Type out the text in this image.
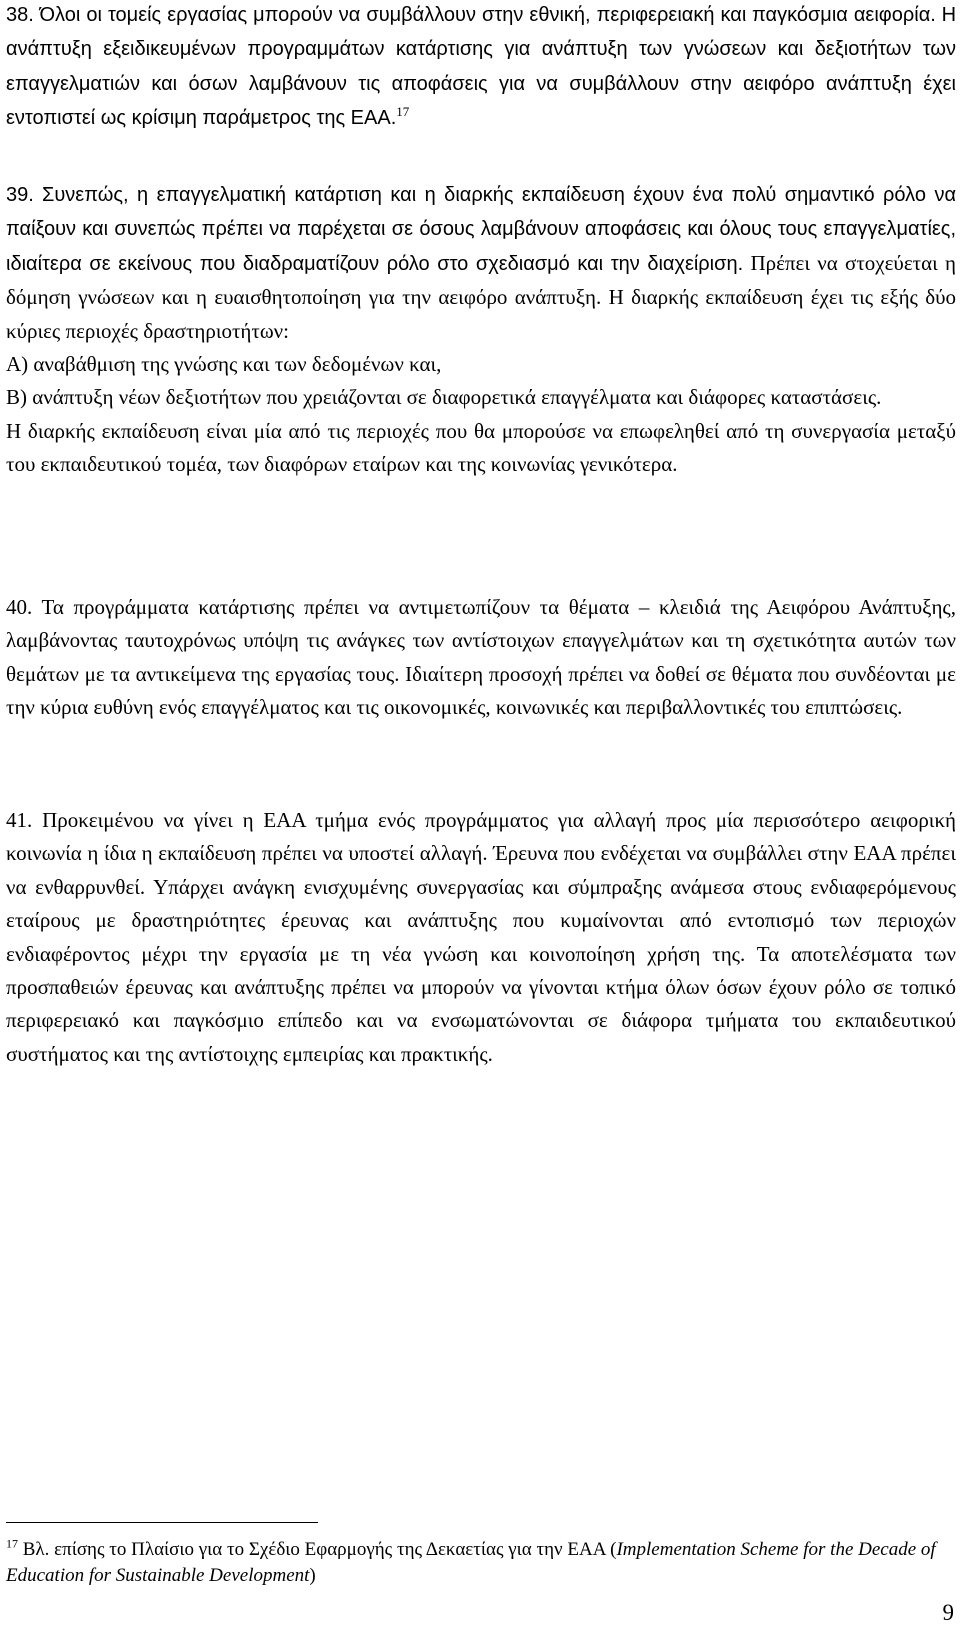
38. Όλοι οι τομείς εργασίας μπορούν να συμβάλλουν στην εθνική, περιφερειακή και παγκόσμια αειφορία. Η ανάπτυξη εξειδικευμένων προγραμμάτων κατάρτισης για ανάπτυξη των γνώσεων και δεξιοτήτων των επαγγελματιών και όσων λαμβάνουν τις αποφάσεις για να συμβάλλουν στην αειφόρο ανάπτυξη έχει εντοπιστεί ως κρίσιμη παράμετρος της ΕΑΑ.$^{17}$

39. Συνεπώς, η επαγγελματική κατάρτιση και η διαρκής εκπαίδευση έχουν ένα πολύ σημαντικό ρόλο να παίξουν και συνεπώς πρέπει να παρέχεται σε όσους λαμβάνουν αποφάσεις και όλους τους επαγγελματίες, ιδιαίτερα σε εκείνους που διαδραματίζουν ρόλο στο σχεδιασμό και την διαχείριση. Πρέπει να στοχεύεται η δόμηση γνώσεων και η ευαισθητοποίηση για την αειφόρο ανάπτυξη. Η διαρκής εκπαίδευση έχει τις εξής δύο κύριες περιοχές δραστηριοτήτων:
Α) αναβάθμιση της γνώσης και των δεδομένων και,
Β) ανάπτυξη νέων δεξιοτήτων που χρειάζονται σε διαφορετικά επαγγέλματα και διάφορες καταστάσεις.
Η διαρκής εκπαίδευση είναι μία από τις περιοχές που θα μπορούσε να επωφεληθεί από τη συνεργασία μεταξύ του εκπαιδευτικού τομέα, των διαφόρων εταίρων και της κοινωνίας γενικότερα.

40. Τα προγράμματα κατάρτισης πρέπει να αντιμετωπίζουν τα θέματα – κλειδιά της Αειφόρου Ανάπτυξης, λαμβάνοντας ταυτοχρόνως υπόψη τις ανάγκες των αντίστοιχων επαγγελμάτων και τη σχετικότητα αυτών των θεμάτων με τα αντικείμενα της εργασίας τους. Ιδιαίτερη προσοχή πρέπει να δοθεί σε θέματα που συνδέονται με την κύρια ευθύνη ενός επαγγέλματος και τις οικονομικές, κοινωνικές και περιβαλλοντικές του επιπτώσεις.

41. Προκειμένου να γίνει η ΕΑΑ τμήμα ενός προγράμματος για αλλαγή προς μία περισσότερο αειφορική κοινωνία η ίδια η εκπαίδευση πρέπει να υποστεί αλλαγή. Έρευνα που ενδέχεται να συμβάλλει στην ΕΑΑ πρέπει να ενθαρρυνθεί. Υπάρχει ανάγκη ενισχυμένης συνεργασίας και σύμπραξης ανάμεσα στους ενδιαφερόμενους εταίρους με δραστηριότητες έρευνας και ανάπτυξης που κυμαίνονται από εντοπισμό των περιοχών ενδιαφέροντος μέχρι την εργασία με τη νέα γνώση και κοινοποίηση χρήση της. Τα αποτελέσματα των προσπαθειών έρευνας και ανάπτυξης πρέπει να μπορούν να γίνονται κτήμα όλων όσων έχουν ρόλο σε τοπικό περιφερειακό και παγκόσμιο επίπεδο και να ενσωματώνονται σε διάφορα τμήματα του εκπαιδευτικού συστήματος και της αντίστοιχης εμπειρίας και πρακτικής.

$^{17}$ Βλ. επίσης το Πλαίσιο για το Σχέδιο Εφαρμογής της Δεκαετίας για την ΕΑΑ (Implementation Scheme for the Decade of Education for Sustainable Development)
9
